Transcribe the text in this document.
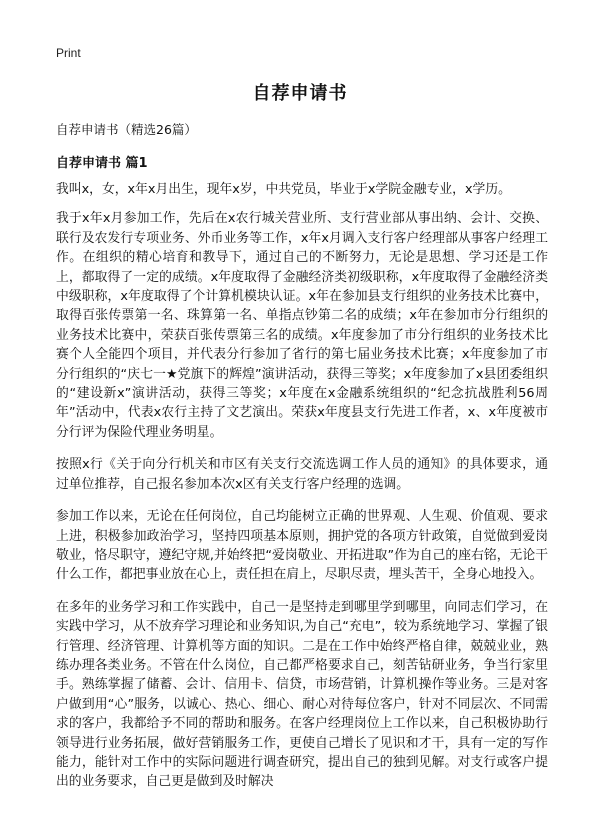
Print
自荐申请书

自荐申请书（精选26篇）

自荐申请书 篇1

我叫x，女，x年x月出生，现年x岁，中共党员，毕业于x学院金融专业，x学历。

我于x年x月参加工作，先后在x农行城关营业所、支行营业部从事出纳、会计、交换、联行及农发行专项业务、外币业务等工作，x年x月调入支行客户经理部从事客户经理工作。在组织的精心培育和教导下，通过自己的不断努力，无论是思想、学习还是工作上，都取得了一定的成绩。x年度取得了金融经济类初级职称，x年度取得了金融经济类中级职称，x年度取得了个计算机模块认证。x年在参加县支行组织的业务技术比赛中，取得百张传票第一名、珠算第一名、单指点钞第二名的成绩；x年在参加市分行组织的业务技术比赛中，荣获百张传票第三名的成绩。x年度参加了市分行组织的业务技术比赛个人全能四个项目，并代表分行参加了省行的第七届业务技术比赛；x年度参加了市分行组织的“庆七一★党旗下的辉煌”演讲活动，获得三等奖；x年度参加了x县团委组织的“建设新x”演讲活动，获得三等奖；x年度在x金融系统组织的“纪念抗战胜利56周年”活动中，代表x农行主持了文艺演出。荣获x年度县支行先进工作者，x、x年度被市分行评为保险代理业务明星。

按照x行《关于向分行机关和市区有关支行交流选调工作人员的通知》的具体要求，通过单位推荐，自己报名参加本次x区有关支行客户经理的选调。

参加工作以来，无论在任何岗位，自己均能树立正确的世界观、人生观、价值观、要求上进，积极参加政治学习，坚持四项基本原则，拥护党的各项方针政策，自觉做到爱岗敬业，恪尽职守，遵纪守规,并始终把“爱岗敬业、开拓进取”作为自己的座右铭，无论干什么工作，都把事业放在心上，责任担在肩上，尽职尽责，埋头苦干，全身心地投入。

在多年的业务学习和工作实践中，自己一是坚持走到哪里学到哪里，向同志们学习，在实践中学习，从不放弃学习理论和业务知识,为自己“充电”，较为系统地学习、掌握了银行管理、经济管理、计算机等方面的知识。二是在工作中始终严格自律，兢兢业业，熟练办理各类业务。不管在什么岗位，自己都严格要求自己，刻苦钻研业务，争当行家里手。熟练掌握了储蓄、会计、信用卡、信贷，市场营销，计算机操作等业务。三是对客户做到用“心”服务，以诚心、热心、细心、耐心对待每位客户，针对不同层次、不同需求的客户，我都给予不同的帮助和服务。在客户经理岗位上工作以来，自己积极协助行领导进行业务拓展，做好营销服务工作，更使自己增长了见识和才干，具有一定的写作能力，能针对工作中的实际问题进行调查研究，提出自己的独到见解。对支行或客户提出的业务要求，自己更是做到及时解决
